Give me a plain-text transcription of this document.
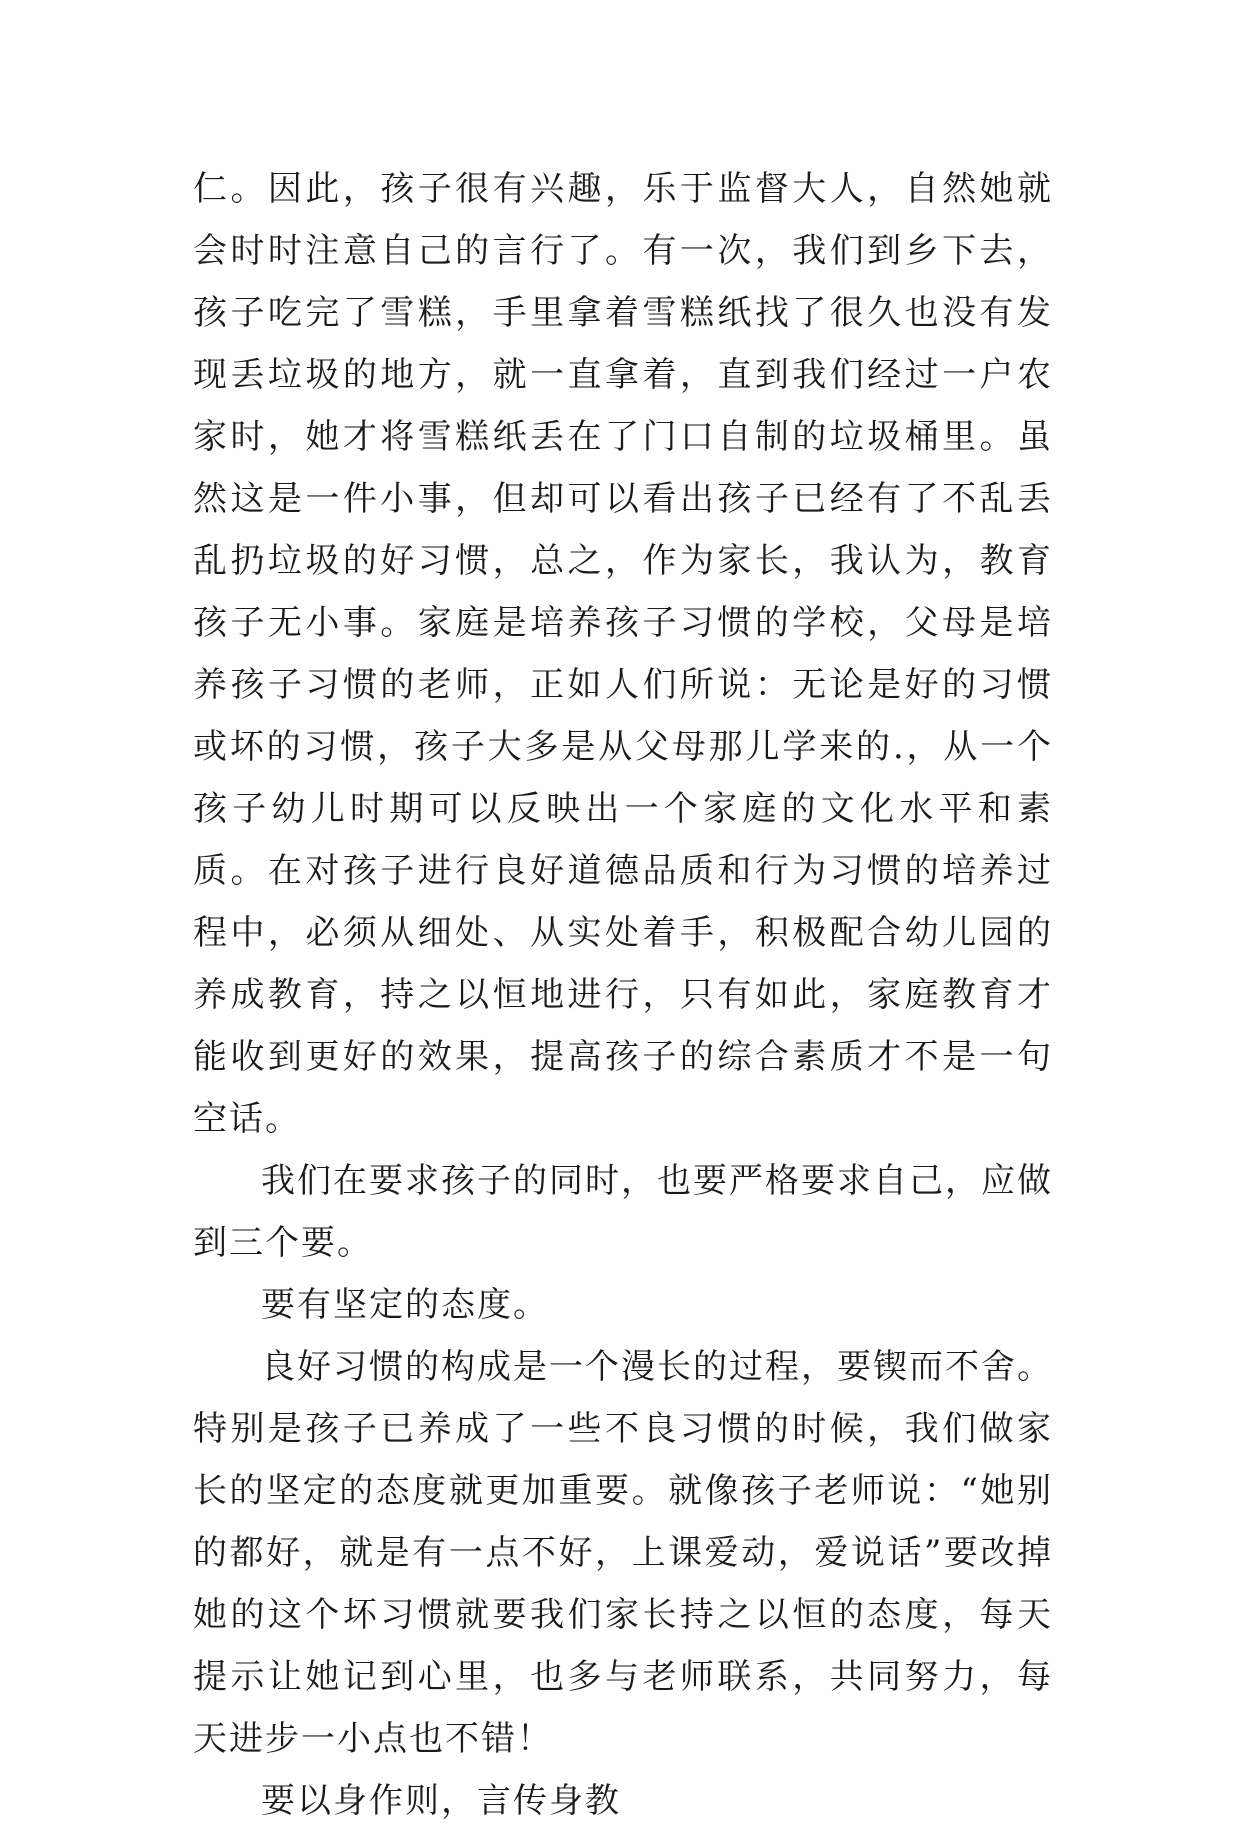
仁。因此，孩子很有兴趣，乐于监督大人，自然她就会时时注意自己的言行了。有一次，我们到乡下去，孩子吃完了雪糕，手里拿着雪糕纸找了很久也没有发现丢垃圾的地方，就一直拿着，直到我们经过一户农家时，她才将雪糕纸丢在了门口自制的垃圾桶里。虽然这是一件小事，但却可以看出孩子已经有了不乱丢乱扔垃圾的好习惯，总之，作为家长，我认为，教育孩子无小事。家庭是培养孩子习惯的学校，父母是培养孩子习惯的老师，正如人们所说：无论是好的习惯或坏的习惯，孩子大多是从父母那儿学来的.，从一个孩子幼儿时期可以反映出一个家庭的文化水平和素质。在对孩子进行良好道德品质和行为习惯的培养过程中，必须从细处、从实处着手，积极配合幼儿园的养成教育，持之以恒地进行，只有如此，家庭教育才能收到更好的效果，提高孩子的综合素质才不是一句空话。

我们在要求孩子的同时，也要严格要求自己，应做到三个要。

要有坚定的态度。

良好习惯的构成是一个漫长的过程，要锲而不舍。特别是孩子已养成了一些不良习惯的时候，我们做家长的坚定的态度就更加重要。就像孩子老师说：“她别的都好，就是有一点不好，上课爱动，爱说话”要改掉她的这个坏习惯就要我们家长持之以恒的态度，每天提示让她记到心里，也多与老师联系，共同努力，每天进步一小点也不错！

要以身作则，言传身教
